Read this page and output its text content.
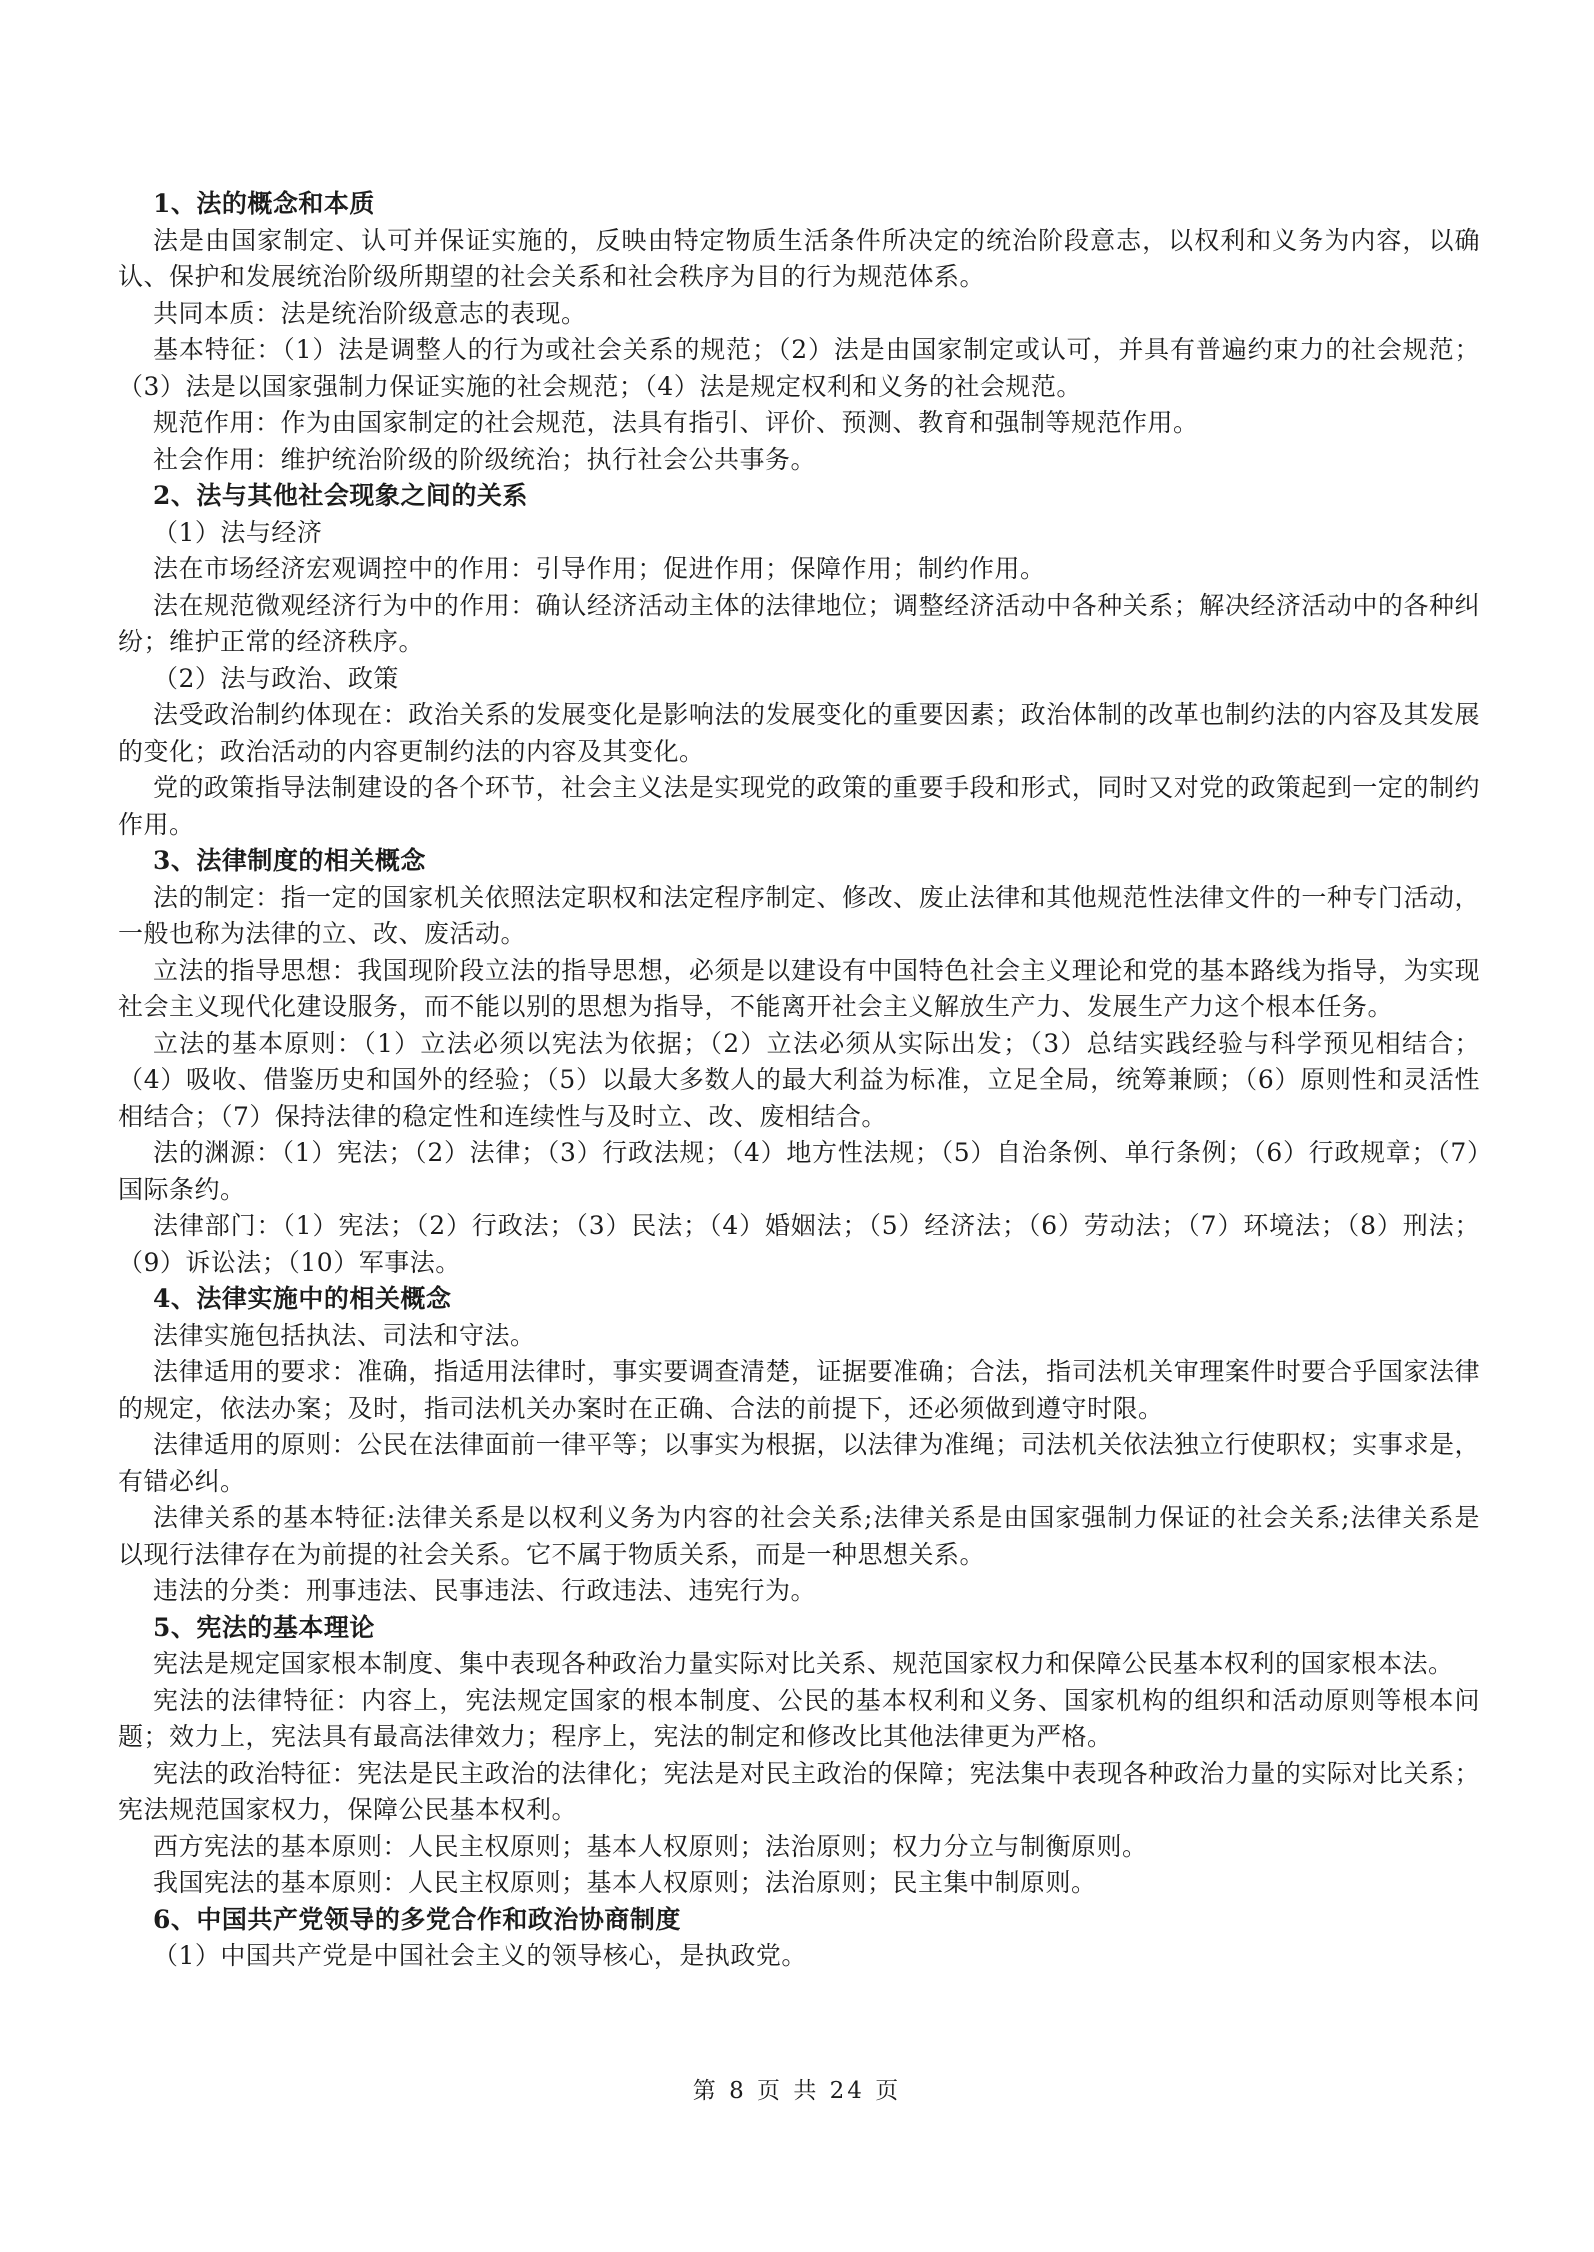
1、法的概念和本质

法是由国家制定、认可并保证实施的，反映由特定物质生活条件所决定的统治阶段意志，以权利和义务为内容，以确认、保护和发展统治阶级所期望的社会关系和社会秩序为目的行为规范体系。

共同本质：法是统治阶级意志的表现。

基本特征：（1）法是调整人的行为或社会关系的规范；（2）法是由国家制定或认可，并具有普遍约束力的社会规范；（3）法是以国家强制力保证实施的社会规范；（4）法是规定权利和义务的社会规范。

规范作用：作为由国家制定的社会规范，法具有指引、评价、预测、教育和强制等规范作用。

社会作用：维护统治阶级的阶级统治；执行社会公共事务。

2、法与其他社会现象之间的关系

（1）法与经济

法在市场经济宏观调控中的作用：引导作用；促进作用；保障作用；制约作用。

法在规范微观经济行为中的作用：确认经济活动主体的法律地位；调整经济活动中各种关系；解决经济活动中的各种纠纷；维护正常的经济秩序。

（2）法与政治、政策

法受政治制约体现在：政治关系的发展变化是影响法的发展变化的重要因素；政治体制的改革也制约法的内容及其发展的变化；政治活动的内容更制约法的内容及其变化。

党的政策指导法制建设的各个环节，社会主义法是实现党的政策的重要手段和形式，同时又对党的政策起到一定的制约作用。

3、法律制度的相关概念

法的制定：指一定的国家机关依照法定职权和法定程序制定、修改、废止法律和其他规范性法律文件的一种专门活动，一般也称为法律的立、改、废活动。

立法的指导思想：我国现阶段立法的指导思想，必须是以建设有中国特色社会主义理论和党的基本路线为指导，为实现社会主义现代化建设服务，而不能以别的思想为指导，不能离开社会主义解放生产力、发展生产力这个根本任务。

立法的基本原则：（1）立法必须以宪法为依据；（2）立法必须从实际出发；（3）总结实践经验与科学预见相结合；（4）吸收、借鉴历史和国外的经验；（5）以最大多数人的最大利益为标准，立足全局，统筹兼顾；（6）原则性和灵活性相结合；（7）保持法律的稳定性和连续性与及时立、改、废相结合。

法的渊源：（1）宪法；（2）法律；（3）行政法规；（4）地方性法规；（5）自治条例、单行条例；（6）行政规章；（7）国际条约。

法律部门：（1）宪法；（2）行政法；（3）民法；（4）婚姻法；（5）经济法；（6）劳动法；（7）环境法；（8）刑法；（9）诉讼法；（10）军事法。

4、法律实施中的相关概念

法律实施包括执法、司法和守法。

法律适用的要求：准确，指适用法律时，事实要调查清楚，证据要准确；合法，指司法机关审理案件时要合乎国家法律的规定，依法办案；及时，指司法机关办案时在正确、合法的前提下，还必须做到遵守时限。

法律适用的原则：公民在法律面前一律平等；以事实为根据，以法律为准绳；司法机关依法独立行使职权；实事求是，有错必纠。

法律关系的基本特征:法律关系是以权利义务为内容的社会关系;法律关系是由国家强制力保证的社会关系;法律关系是以现行法律存在为前提的社会关系。它不属于物质关系，而是一种思想关系。

违法的分类：刑事违法、民事违法、行政违法、违宪行为。

5、宪法的基本理论

宪法是规定国家根本制度、集中表现各种政治力量实际对比关系、规范国家权力和保障公民基本权利的国家根本法。

宪法的法律特征：内容上，宪法规定国家的根本制度、公民的基本权利和义务、国家机构的组织和活动原则等根本问题；效力上，宪法具有最高法律效力；程序上，宪法的制定和修改比其他法律更为严格。

宪法的政治特征：宪法是民主政治的法律化；宪法是对民主政治的保障；宪法集中表现各种政治力量的实际对比关系；宪法规范国家权力，保障公民基本权利。

西方宪法的基本原则：人民主权原则；基本人权原则；法治原则；权力分立与制衡原则。

我国宪法的基本原则：人民主权原则；基本人权原则；法治原则；民主集中制原则。

6、中国共产党领导的多党合作和政治协商制度

（1）中国共产党是中国社会主义的领导核心，是执政党。

第 8 页 共 24 页
